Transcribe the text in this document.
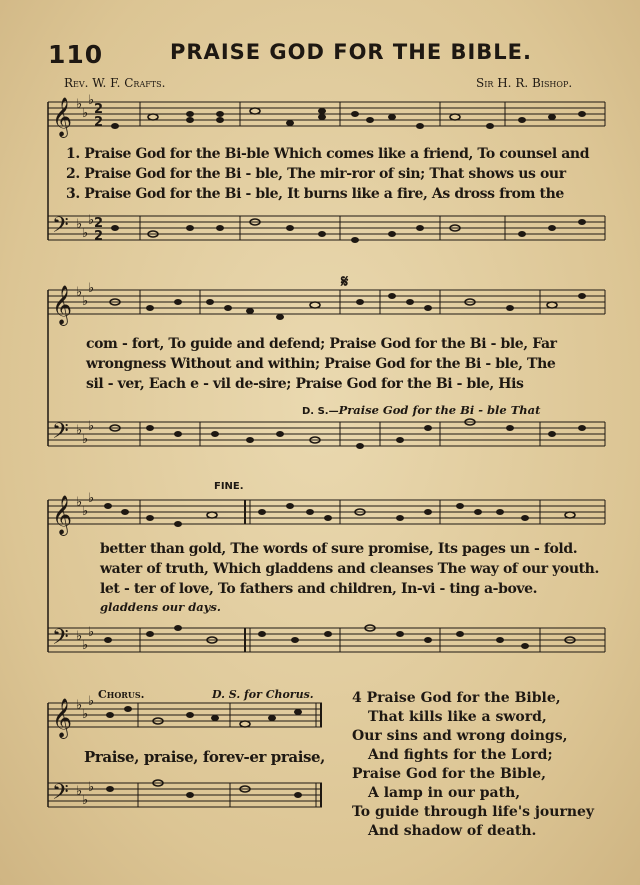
110	PRAISE GOD FOR THE BIBLE.
Rev. W. F. Crafts.	Sir H. R. Bishop.
𝄞
𝄢
𝄞
𝄢
𝄞
𝄢
𝄞
𝄢
♭
♭
♭
♭
♭
♭
♭
♭
♭
♭
♭
♭
♭
♭
♭
♭
♭
♭
♭
♭
♭
♭
♭
♭
2
2
2
2
1. Praise God for the Bi-ble Which comes like a friend, To counsel and
2. Praise God for the Bi - ble, The mir-ror of sin; That shows us our
3. Praise God for the Bi - ble, It burns like a fire, As dross from the
𝄋
com - fort, To guide and defend; Praise God for the Bi - ble, Far
wrongness Without and within; Praise God for the Bi - ble, The
sil - ver, Each e - vil de-sire; Praise God for the Bi - ble, His
D. S.—Praise God for the Bi - ble That
FINE.
better than gold, The words of sure promise, Its pages un - fold.
water of truth, Which gladdens and cleanses The way of our youth.
let - ter of love, To fathers and children, In-vi - ting a-bove.
gladdens our days.
Chorus.	D. S. for Chorus.
Praise, praise, forev-er praise,
4 Praise God for the Bible,
That kills like a sword,
Our sins and wrong doings,
And fights for the Lord;
Praise God for the Bible,
A lamp in our path,
To guide through life's journey
And shadow of death.
